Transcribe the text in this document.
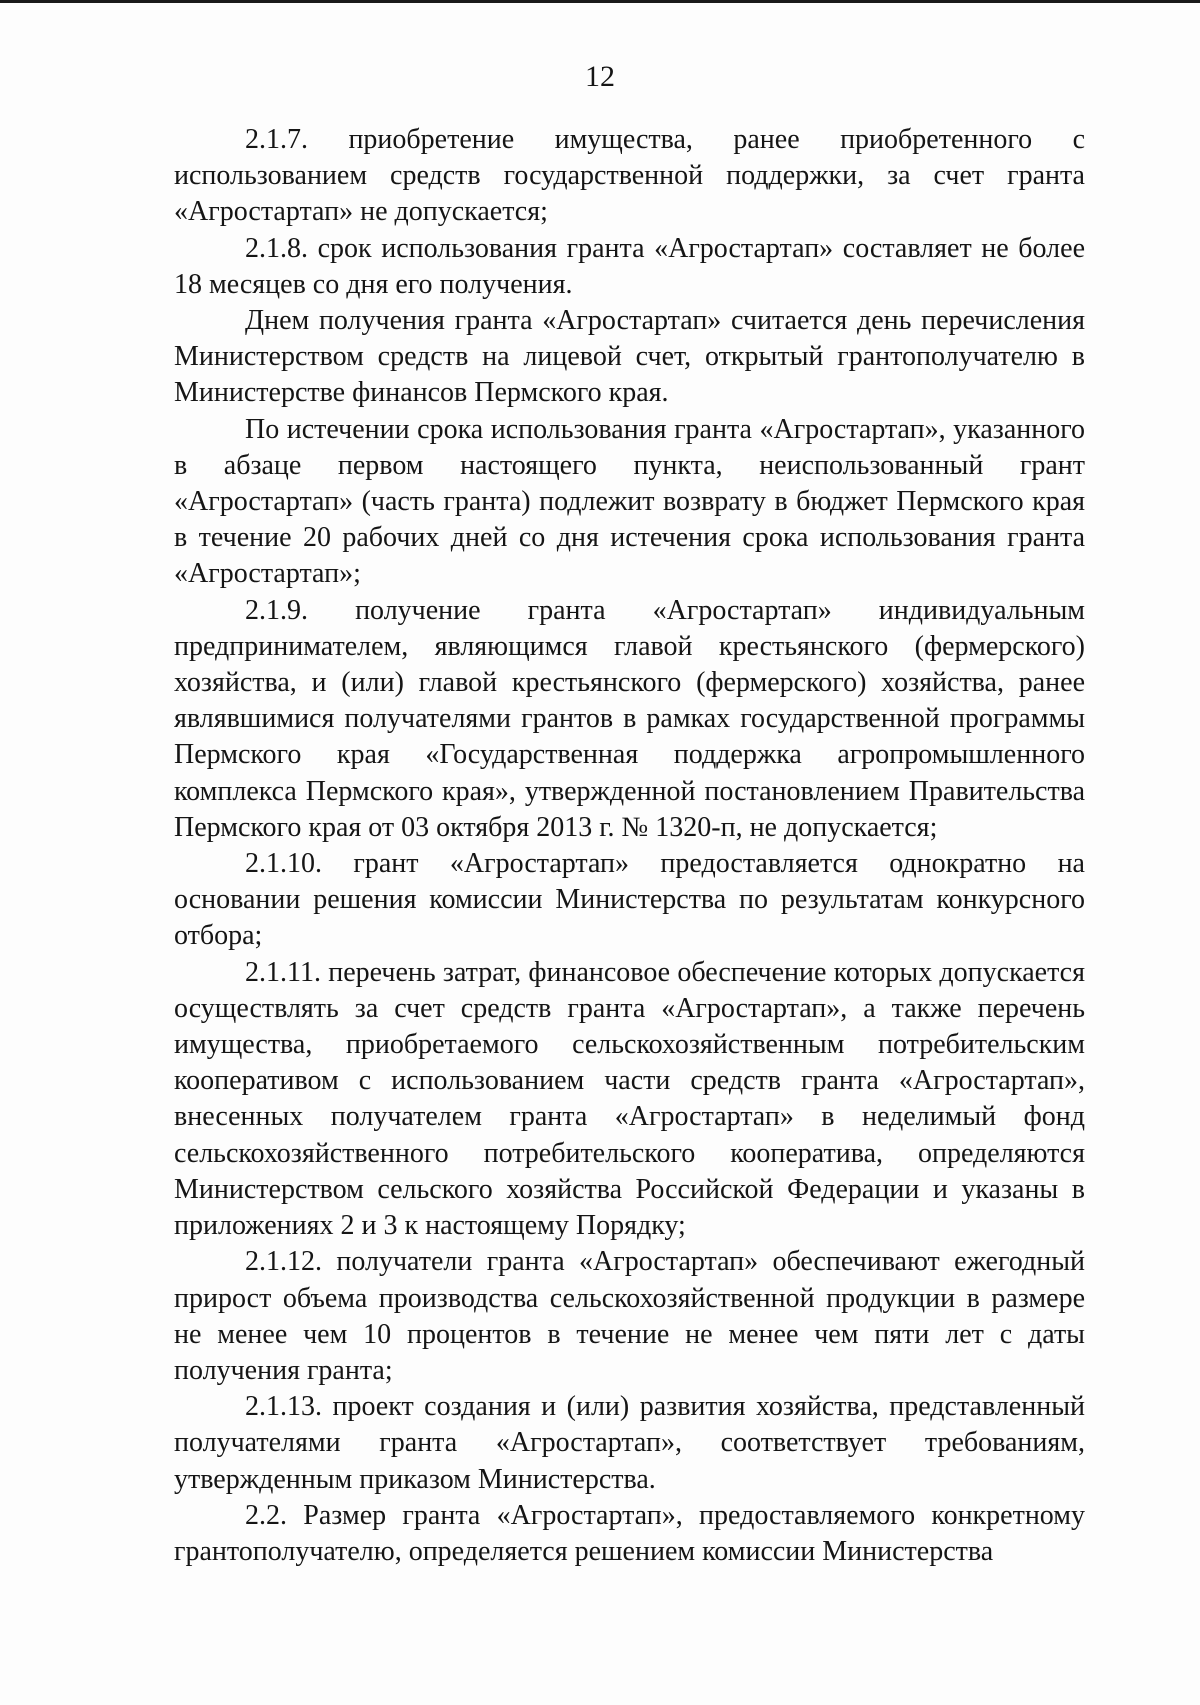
12

2.1.7. приобретение имущества, ранее приобретенного с использованием средств государственной поддержки, за счет гранта «Агростартап» не допускается;

2.1.8. срок использования гранта «Агростартап» составляет не более 18 месяцев со дня его получения.

Днем получения гранта «Агростартап» считается день перечисления Министерством средств на лицевой счет, открытый грантополучателю в Министерстве финансов Пермского края.

По истечении срока использования гранта «Агростартап», указанного в абзаце первом настоящего пункта, неиспользованный грант «Агростартап» (часть гранта) подлежит возврату в бюджет Пермского края в течение 20 рабочих дней со дня истечения срока использования гранта «Агростартап»;

2.1.9. получение гранта «Агростартап» индивидуальным предпринимателем, являющимся главой крестьянского (фермерского) хозяйства, и (или) главой крестьянского (фермерского) хозяйства, ранее являвшимися получателями грантов в рамках государственной программы Пермского края «Государственная поддержка агропромышленного комплекса Пермского края», утвержденной постановлением Правительства Пермского края от 03 октября 2013 г. № 1320-п, не допускается;

2.1.10. грант «Агростартап» предоставляется однократно на основании решения комиссии Министерства по результатам конкурсного отбора;

2.1.11. перечень затрат, финансовое обеспечение которых допускается осуществлять за счет средств гранта «Агростартап», а также перечень имущества, приобретаемого сельскохозяйственным потребительским кооперативом с использованием части средств гранта «Агростартап», внесенных получателем гранта «Агростартап» в неделимый фонд сельскохозяйственного потребительского кооператива, определяются Министерством сельского хозяйства Российской Федерации и указаны в приложениях 2 и 3 к настоящему Порядку;

2.1.12. получатели гранта «Агростартап» обеспечивают ежегодный прирост объема производства сельскохозяйственной продукции в размере не менее чем 10 процентов в течение не менее чем пяти лет с даты получения гранта;

2.1.13. проект создания и (или) развития хозяйства, представленный получателями гранта «Агростартап», соответствует требованиям, утвержденным приказом Министерства.

2.2. Размер гранта «Агростартап», предоставляемого конкретному грантополучателю, определяется решением комиссии Министерства
